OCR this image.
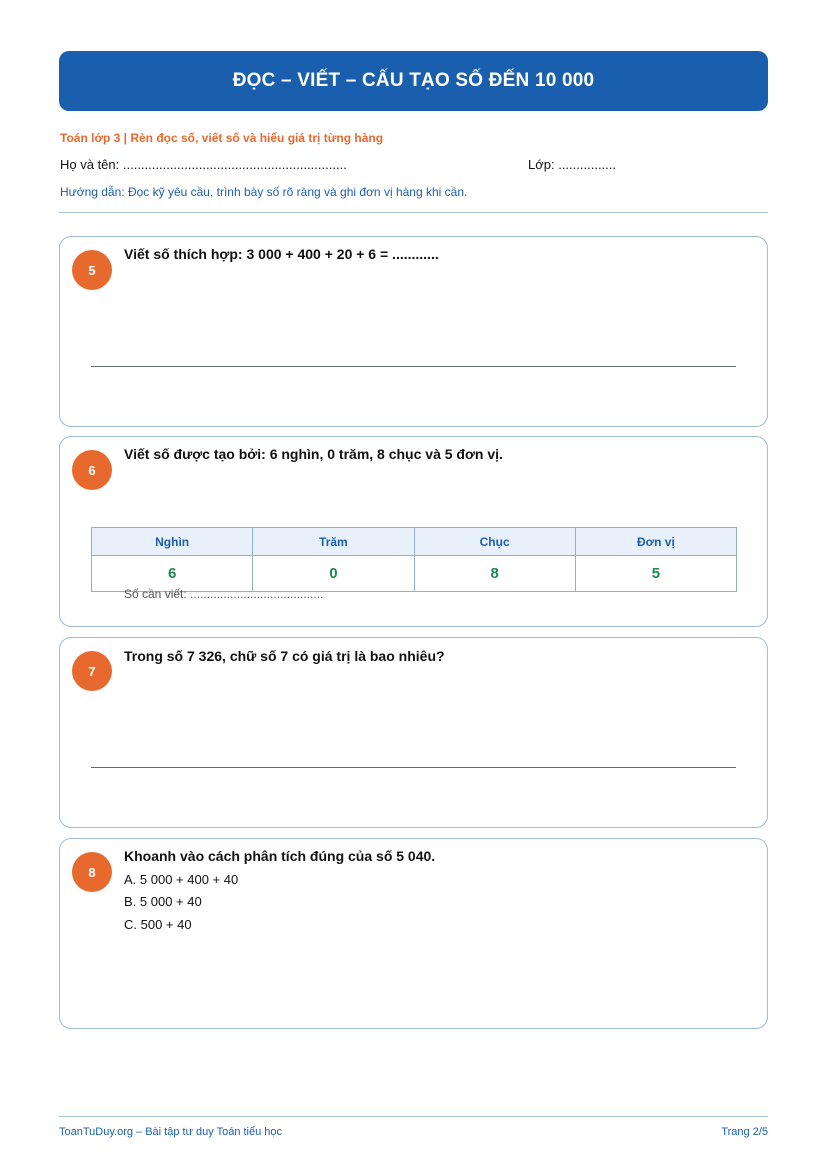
ĐỌC – VIẾT – CẤU TẠO SỐ ĐẾN 10 000
Toán lớp 3 | Rèn đọc số, viết số và hiểu giá trị từng hàng
Họ và tên: ..............................................................	Lớp: ................
Hướng dẫn: Đọc kỹ yêu cầu, trình bày số rõ ràng và ghi đơn vị hàng khi cần.
5
Viết số thích hợp: 3 000 + 400 + 20 + 6 = ............
6
Viết số được tạo bởi: 6 nghìn, 0 trăm, 8 chục và 5 đơn vị.
Nghìn	Trăm	Chục	Đơn vị
6	0	8	5
Số cần viết: ........................................
7
Trong số 7 326, chữ số 7 có giá trị là bao nhiêu?
8
Khoanh vào cách phân tích đúng của số 5 040.
A. 5 000 + 400 + 40
B. 5 000 + 40
C. 500 + 40
ToanTuDuy.org – Bài tập tư duy Toán tiểu học	Trang 2/5
